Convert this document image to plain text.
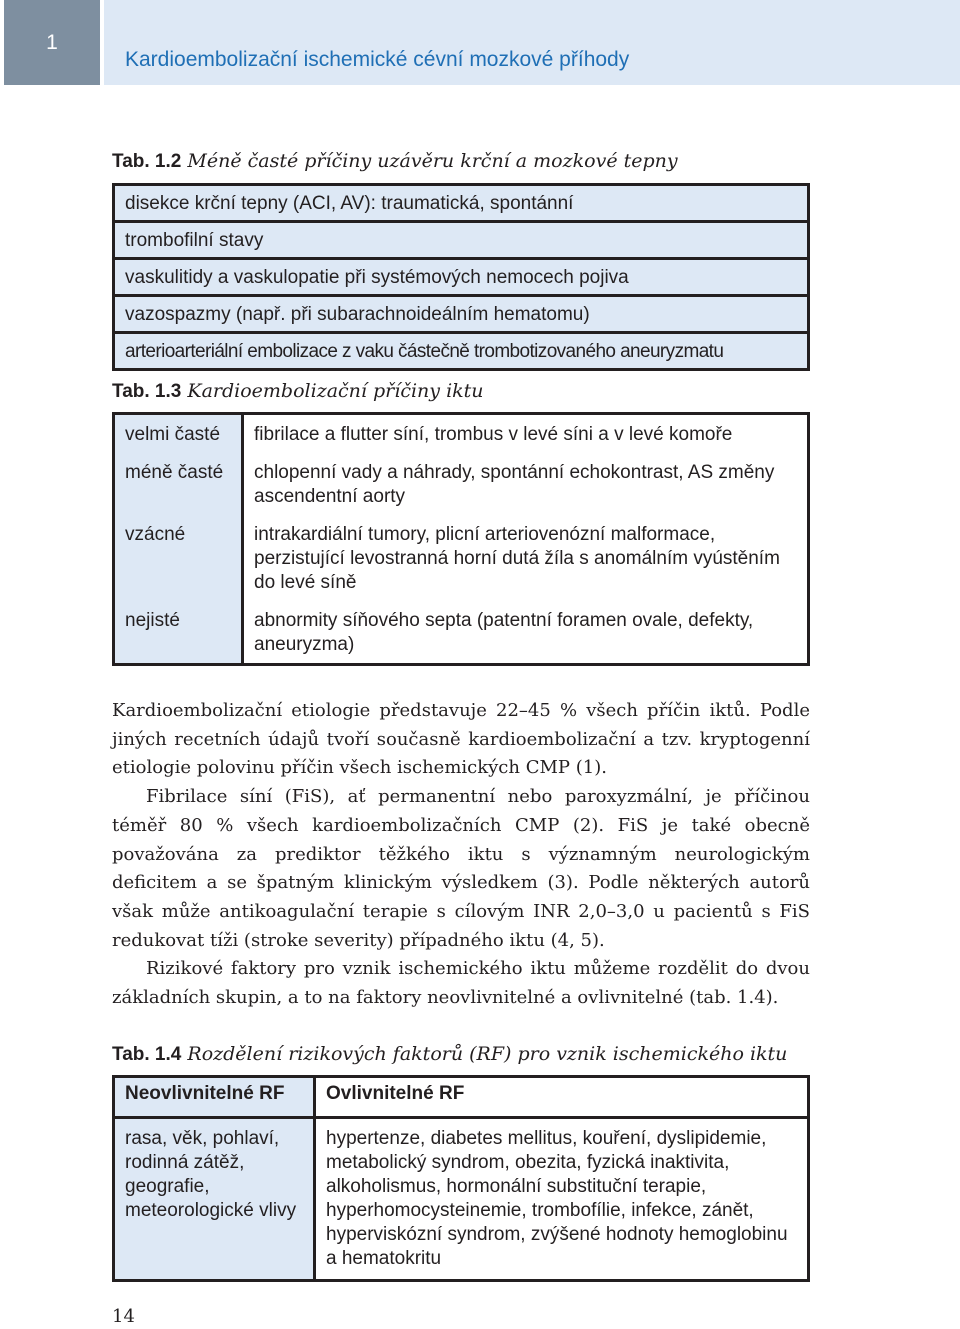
1
Kardioembolizační ischemické cévní mozkové příhody
Tab. 1.2 Méně časté příčiny uzávěru krční a mozkové tepny
disekce krční tepny (ACI, AV): traumatická, spontánní
trombofilní stavy
vaskulitidy a vaskulopatie při systémových nemocech pojiva
vazospazmy (např. při subarachnoideálním hematomu)
arterioarteriální embolizace z vaku částečně trombotizovaného aneuryzmatu
Tab. 1.3 Kardioembolizační příčiny iktu
velmi časté	fibrilace a flutter síní, trombus v levé síni a v levé komoře
méně časté	chlopenní vady a náhrady, spontánní echokontrast, AS změny ascendentní aorty
vzácné	intrakardiální tumory, plicní arteriovenózní malformace, perzistující levostranná horní dutá žíla s anomálním vyústěním do levé síně
nejisté	abnormity síňového septa (patentní foramen ovale, defekty, aneuryzma)

Kardioembolizační etiologie představuje 22–45 % všech příčin iktů. Podle jiných recetních údajů tvoří současně kardioembolizační a tzv. kryptogenní etiologie polovinu příčin všech ischemických CMP (1).

Fibrilace síní (FiS), ať permanentní nebo paroxyzmální, je příčinou téměř 80 % všech kardioembolizačních CMP (2). FiS je také obecně považována za prediktor těžkého iktu s významným neurologickým deficitem a se špatným klinickým výsledkem (3). Podle některých autorů však může antikoagulační terapie s cílovým INR 2,0–3,0 u pacientů s FiS redukovat tíži (stroke severity) případného iktu (4, 5).

Rizikové faktory pro vznik ischemického iktu můžeme rozdělit do dvou základních skupin, a to na faktory neovlivnitelné a ovlivnitelné (tab. 1.4).

Tab. 1.4 Rozdělení rizikových faktorů (RF) pro vznik ischemického iktu
Neovlivnitelné RF	Ovlivnitelné RF
rasa, věk, pohlaví, rodinná zátěž, geografie, meteorologické vlivy	hypertenze, diabetes mellitus, kouření, dyslipidemie, metabolický syndrom, obezita, fyzická inaktivita, alkoholismus, hormonální substituční terapie, hyperhomocysteinemie, trombofílie, infekce, zánět, hyperviskózní syndrom, zvýšené hodnoty hemoglobinu a hematokritu
14
